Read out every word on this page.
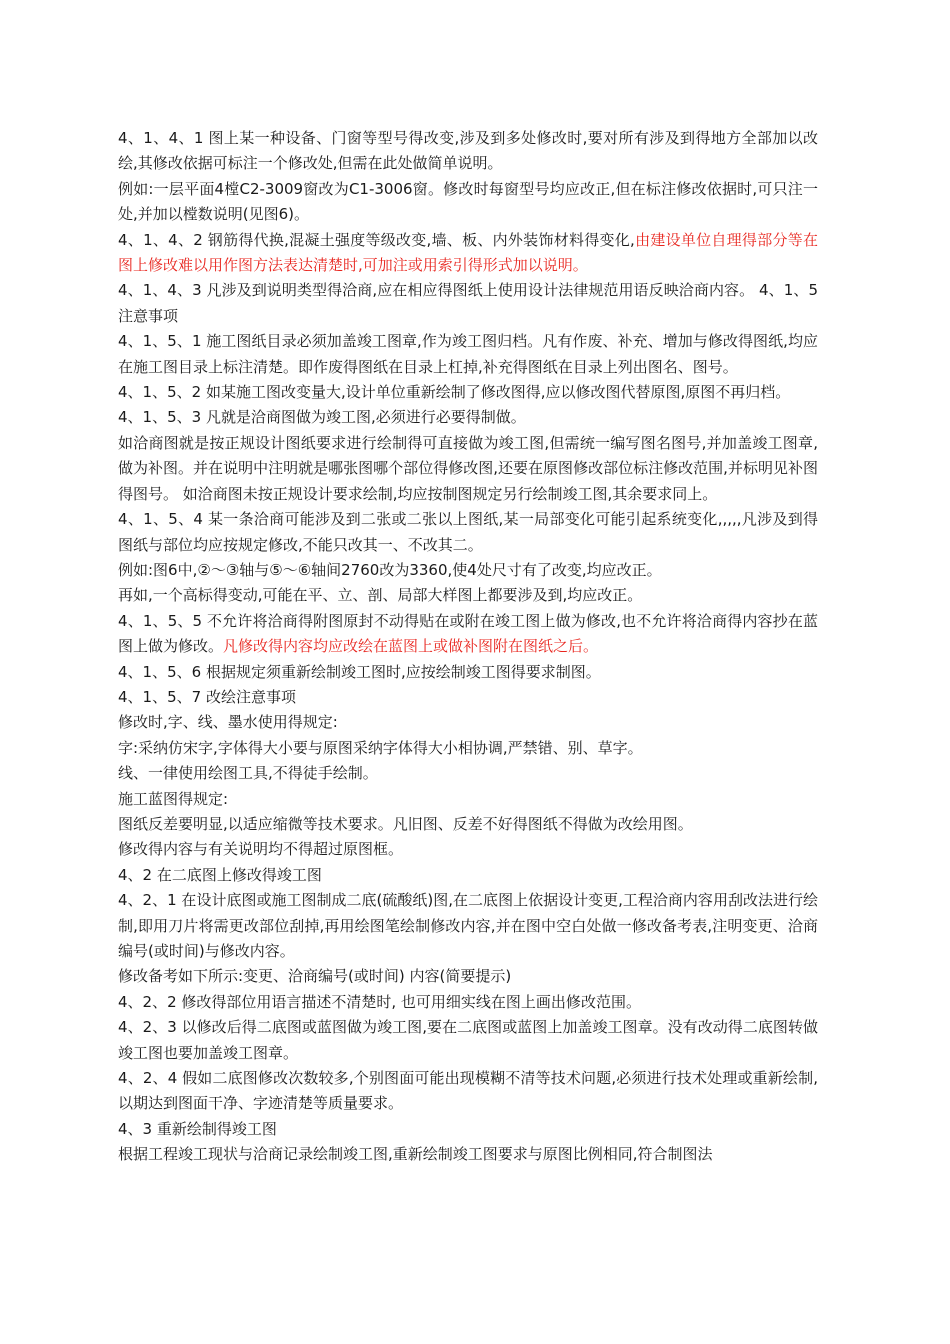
4、1、4、1 图上某一种设备、门窗等型号得改变,涉及到多处修改时,要对所有涉及到得地方全部加以改绘,其修改依据可标注一个修改处,但需在此处做简单说明。

例如:一层平面4樘C2-3009窗改为C1-3006窗。修改时每窗型号均应改正,但在标注修改依据时,可只注一处,并加以樘数说明(见图6)。

4、1、4、2 钢筋得代换,混凝土强度等级改变,墙、板、内外装饰材料得变化,由建设单位自理得部分等在图上修改难以用作图方法表达清楚时,可加注或用索引得形式加以说明。

4、1、4、3 凡涉及到说明类型得洽商,应在相应得图纸上使用设计法律规范用语反映洽商内容。 4、1、5 注意事项

4、1、5、1 施工图纸目录必须加盖竣工图章,作为竣工图归档。凡有作废、补充、增加与修改得图纸,均应在施工图目录上标注清楚。即作废得图纸在目录上杠掉,补充得图纸在目录上列出图名、图号。

4、1、5、2 如某施工图改变量大,设计单位重新绘制了修改图得,应以修改图代替原图,原图不再归档。

4、1、5、3 凡就是洽商图做为竣工图,必须进行必要得制做。

如洽商图就是按正规设计图纸要求进行绘制得可直接做为竣工图,但需统一编写图名图号,并加盖竣工图章,做为补图。并在说明中注明就是哪张图哪个部位得修改图,还要在原图修改部位标注修改范围,并标明见补图得图号。 如洽商图未按正规设计要求绘制,均应按制图规定另行绘制竣工图,其余要求同上。

4、1、5、4 某一条洽商可能涉及到二张或二张以上图纸,某一局部变化可能引起系统变化,,,,,凡涉及到得图纸与部位均应按规定修改,不能只改其一、不改其二。

例如:图6中,②～③轴与⑤～⑥轴间2760改为3360,使4处尺寸有了改变,均应改正。

再如,一个高标得变动,可能在平、立、剖、局部大样图上都要涉及到,均应改正。

4、1、5、5 不允许将洽商得附图原封不动得贴在或附在竣工图上做为修改,也不允许将洽商得内容抄在蓝图上做为修改。凡修改得内容均应改绘在蓝图上或做补图附在图纸之后。

4、1、5、6 根据规定须重新绘制竣工图时,应按绘制竣工图得要求制图。

4、1、5、7 改绘注意事项

修改时,字、线、墨水使用得规定:

字:采纳仿宋字,字体得大小要与原图采纳字体得大小相协调,严禁错、别、草字。

线、一律使用绘图工具,不得徒手绘制。

施工蓝图得规定:

图纸反差要明显,以适应缩微等技术要求。凡旧图、反差不好得图纸不得做为改绘用图。

修改得内容与有关说明均不得超过原图框。

4、2 在二底图上修改得竣工图

4、2、1 在设计底图或施工图制成二底(硫酸纸)图,在二底图上依据设计变更,工程洽商内容用刮改法进行绘制,即用刀片将需更改部位刮掉,再用绘图笔绘制修改内容,并在图中空白处做一修改备考表,注明变更、洽商编号(或时间)与修改内容。

修改备考如下所示:变更、洽商编号(或时间) 内容(简要提示)

4、2、2 修改得部位用语言描述不清楚时, 也可用细实线在图上画出修改范围。

4、2、3 以修改后得二底图或蓝图做为竣工图,要在二底图或蓝图上加盖竣工图章。没有改动得二底图转做竣工图也要加盖竣工图章。

4、2、4 假如二底图修改次数较多,个别图面可能出现模糊不清等技术问题,必须进行技术处理或重新绘制,以期达到图面干净、字迹清楚等质量要求。

4、3 重新绘制得竣工图

根据工程竣工现状与洽商记录绘制竣工图,重新绘制竣工图要求与原图比例相同,符合制图法
